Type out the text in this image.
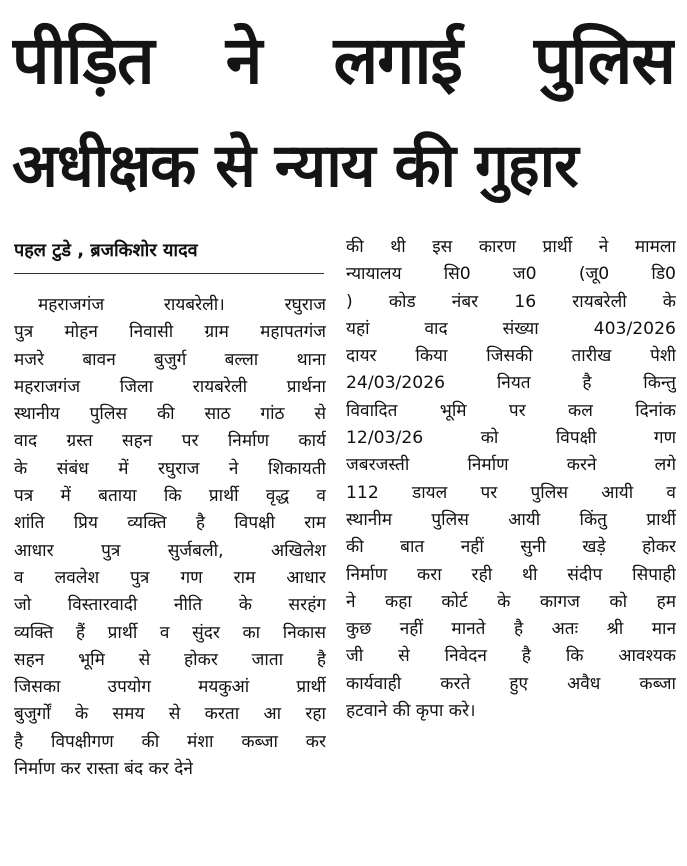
पीड़ित ने लगाई पुलिस
अधीक्षक से न्याय की गुहार
पहल टुडे , ब्रजकिशोर यादव
महराजगंज रायबरेली। रघुराज
पुत्र मोहन निवासी ग्राम महापतगंज
मजरे बावन बुजुर्ग बल्ला थाना
महराजगंज जिला रायबरेली प्रार्थना
स्थानीय पुलिस की साठ गांठ से
वाद ग्रस्त सहन पर निर्माण कार्य
के संबंध में रघुराज ने शिकायती
पत्र में बताया कि प्रार्थी वृद्ध व
शांति प्रिय व्यक्ति है विपक्षी राम
आधार पुत्र सुर्जबली, अखिलेश
व लवलेश पुत्र गण राम आधार
जो विस्तारवादी नीति के सरहंग
व्यक्ति हैं प्रार्थी व सुंदर का निकास
सहन भूमि से होकर जाता है
जिसका उपयोग मयकुआं प्रार्थी
बुजुर्गों के समय से करता आ रहा
है विपक्षीगण की मंशा कब्जा कर
निर्माण कर रास्ता बंद कर देने
की थी इस कारण प्रार्थी ने मामला
न्यायालय सि0 ज0 (जू0 डि0
) कोड नंबर 16 रायबरेली के
यहां वाद संख्या 403/2026
दायर किया जिसकी तारीख पेशी
24/03/2026 नियत है किन्तु
विवादित भूमि पर कल दिनांक
12/03/26 को विपक्षी गण
जबरजस्ती निर्माण करने लगे
112 डायल पर पुलिस आयी व
स्थानीम पुलिस आयी किंतु प्रार्थी
की बात नहीं सुनी खड़े होकर
निर्माण करा रही थी संदीप सिपाही
ने कहा कोर्ट के कागज को हम
कुछ नहीं मानते है अतः श्री मान
जी से निवेदन है कि आवश्यक
कार्यवाही करते हुए अवैध कब्जा
हटवाने की कृपा करे।
